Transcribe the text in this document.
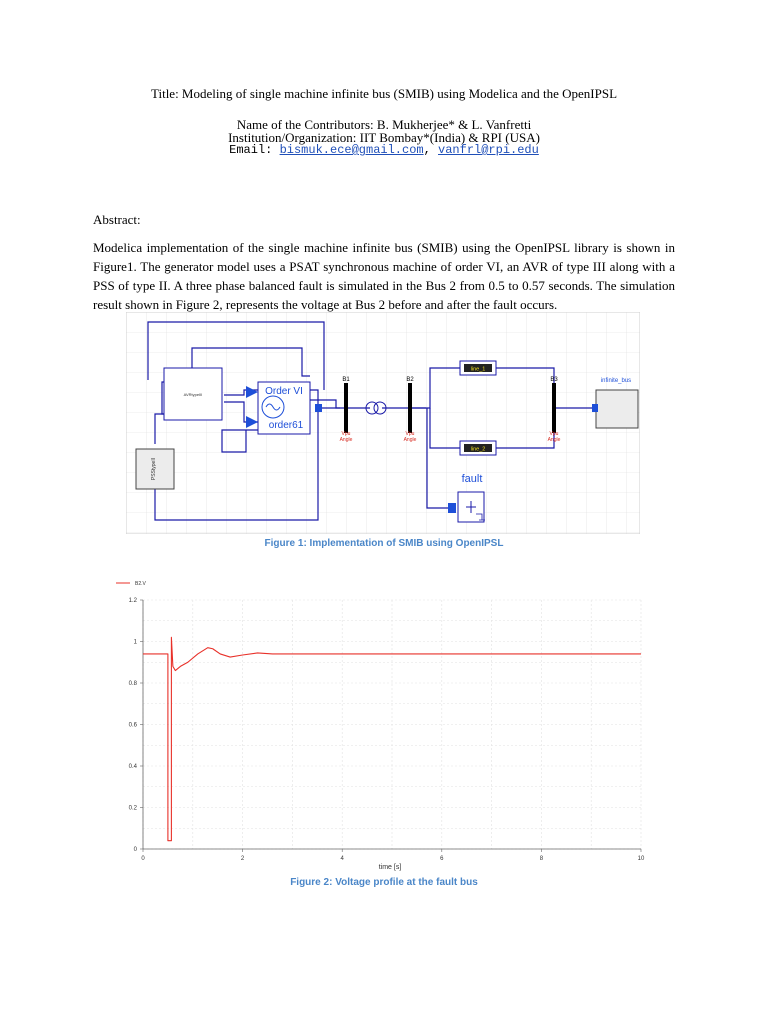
Title: Modeling of single machine infinite bus (SMIB) using Modelica and the OpenIPSL
Name of the Contributors: B. Mukherjee* & L. Vanfretti
Institution/Organization: IIT Bombay*(India) & RPI (USA)
Email: bismuk.ece@gmail.com, vanfrl@rpi.edu
Abstract:

Modelica implementation of the single machine infinite bus (SMIB) using the OpenIPSL library is shown in Figure1. The generator model uses a PSAT synchronous machine of order VI, an AVR of type III along with a PSS of type II. A three phase balanced fault is simulated in the Bus 2 from 0.5 to 0.57 seconds. The simulation result shown in Figure 2, represents the voltage at Bus 2 before and after the fault occurs.

AVRtypeIII
PSStypeII
Order VI
order61
B1	B2	B3
Vpu
Angle
Vpu
Angle
Vpu
Angle
line_1
line_2
fault
infinite_bus
Figure 1: Implementation of SMIB using OpenIPSL
0	2	4	6	8	10
0
0.2
0.4
0.6
0.8
1
1.2
B2.V
time [s]
Figure 2: Voltage profile at the fault bus
